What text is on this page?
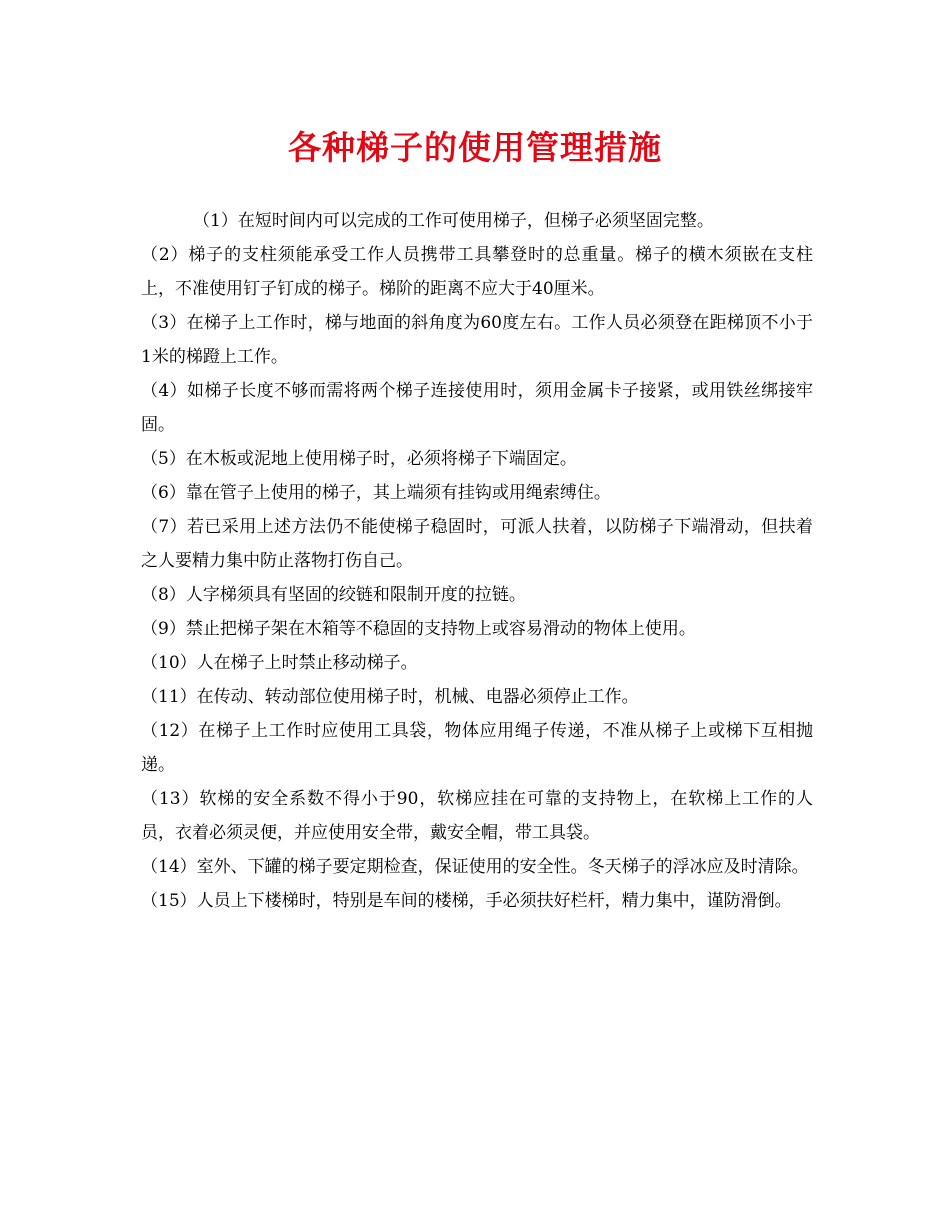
各种梯子的使用管理措施

（1）在短时间内可以完成的工作可使用梯子，但梯子必须坚固完整。

（2）梯子的支柱须能承受工作人员携带工具攀登时的总重量。梯子的横木须嵌在支柱上，不准使用钉子钉成的梯子。梯阶的距离不应大于40厘米。

（3）在梯子上工作时，梯与地面的斜角度为60度左右。工作人员必须登在距梯顶不小于1米的梯蹬上工作。

（4）如梯子长度不够而需将两个梯子连接使用时，须用金属卡子接紧，或用铁丝绑接牢固。

（5）在木板或泥地上使用梯子时，必须将梯子下端固定。

（6）靠在管子上使用的梯子，其上端须有挂钩或用绳索缚住。

（7）若已采用上述方法仍不能使梯子稳固时，可派人扶着，以防梯子下端滑动，但扶着之人要精力集中防止落物打伤自己。

（8）人字梯须具有坚固的绞链和限制开度的拉链。

（9）禁止把梯子架在木箱等不稳固的支持物上或容易滑动的物体上使用。

（10）人在梯子上时禁止移动梯子。

（11）在传动、转动部位使用梯子时，机械、电器必须停止工作。

（12）在梯子上工作时应使用工具袋，物体应用绳子传递，不准从梯子上或梯下互相抛递。

（13）软梯的安全系数不得小于90，软梯应挂在可靠的支持物上，在软梯上工作的人员，衣着必须灵便，并应使用安全带，戴安全帽，带工具袋。

（14）室外、下罐的梯子要定期检查，保证使用的安全性。冬天梯子的浮冰应及时清除。

（15）人员上下楼梯时，特别是车间的楼梯，手必须扶好栏杆，精力集中，谨防滑倒。
